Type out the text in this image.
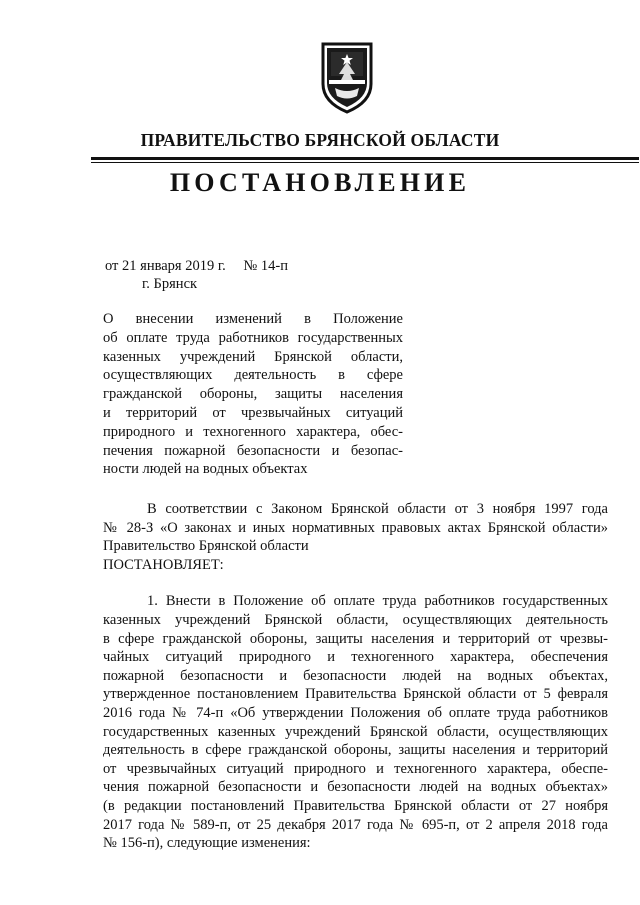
ПРАВИТЕЛЬСТВО БРЯНСКОЙ ОБЛАСТИ
ПОСТАНОВЛЕНИЕ
от 21 января 2019 г. № 14-п
г. Брянск
О внесении изменений в Положение
об оплате труда работников государственных
казенных учреждений Брянской области,
осуществляющих деятельность в сфере
гражданской обороны, защиты населения
и территорий от чрезвычайных ситуаций
природного и техногенного характера, обес-
печения пожарной безопасности и безопас-
ности людей на водных объектах
В соответствии с Законом Брянской области от 3 ноября 1997 года
№ 28-З «О законах и иных нормативных правовых актах Брянской области»
Правительство Брянской области
ПОСТАНОВЛЯЕТ:
1. Внести в Положение об оплате труда работников государственных
казенных учреждений Брянской области, осуществляющих деятельность
в сфере гражданской обороны, защиты населения и территорий от чрезвы-
чайных ситуаций природного и техногенного характера, обеспечения
пожарной безопасности и безопасности людей на водных объектах,
утвержденное постановлением Правительства Брянской области от 5 февраля
2016 года № 74-п «Об утверждении Положения об оплате труда работников
государственных казенных учреждений Брянской области, осуществляющих
деятельность в сфере гражданской обороны, защиты населения и территорий
от чрезвычайных ситуаций природного и техногенного характера, обеспе-
чения пожарной безопасности и безопасности людей на водных объектах»
(в редакции постановлений Правительства Брянской области от 27 ноября
2017 года № 589-п, от 25 декабря 2017 года № 695-п, от 2 апреля 2018 года
№ 156-п), следующие изменения:
